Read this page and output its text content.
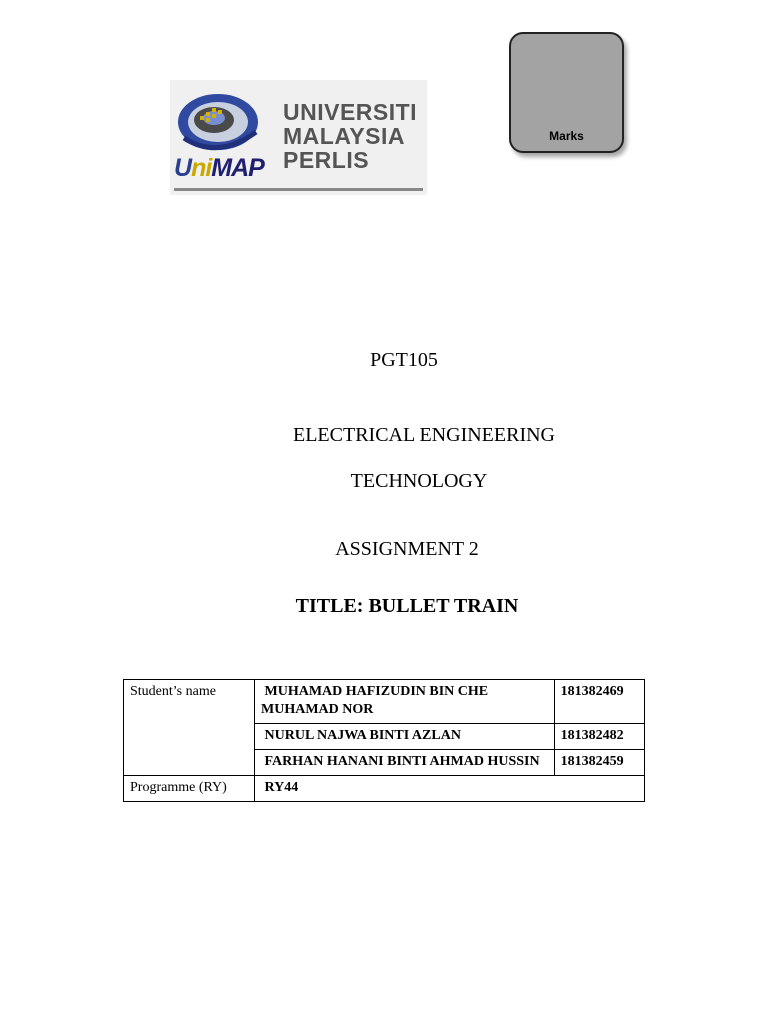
UniMAP
UNIVERSITI
MALAYSIA
PERLIS
Marks
PGT105
ELECTRICAL ENGINEERING
TECHNOLOGY
ASSIGNMENT 2
TITLE: BULLET TRAIN
Student’s name	MUHAMAD HAFIZUDIN BIN CHE MUHAMAD NOR	181382469
	NURUL NAJWA BINTI AZLAN	181382482
	FARHAN HANANI BINTI AHMAD HUSSIN	181382459
Programme (RY)	RY44	
